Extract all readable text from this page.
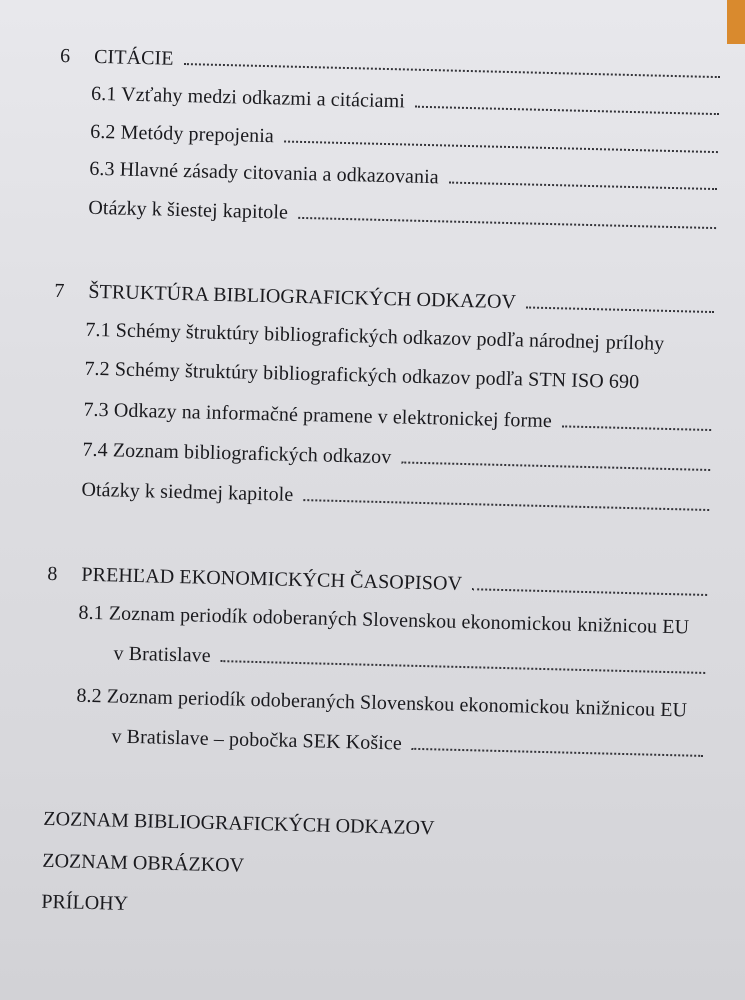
6	CITÁCIE
6.1 Vzťahy medzi odkazmi a citáciami
6.2 Metódy prepojenia
6.3 Hlavné zásady citovania a odkazovania
Otázky k šiestej kapitole
7	ŠTRUKTÚRA BIBLIOGRAFICKÝCH ODKAZOV
7.1 Schémy štruktúry bibliografických odkazov podľa národnej prílohy
7.2 Schémy štruktúry bibliografických odkazov podľa STN ISO 690
7.3 Odkazy na informačné pramene v elektronickej forme
7.4 Zoznam bibliografických odkazov
Otázky k siedmej kapitole
8	PREHĽAD EKONOMICKÝCH ČASOPISOV
8.1 Zoznam periodík odoberaných Slovenskou ekonomickou knižnicou EU
v Bratislave
8.2 Zoznam periodík odoberaných Slovenskou ekonomickou knižnicou EU
v Bratislave – pobočka SEK Košice
ZOZNAM BIBLIOGRAFICKÝCH ODKAZOV
ZOZNAM OBRÁZKOV
PRÍLOHY
